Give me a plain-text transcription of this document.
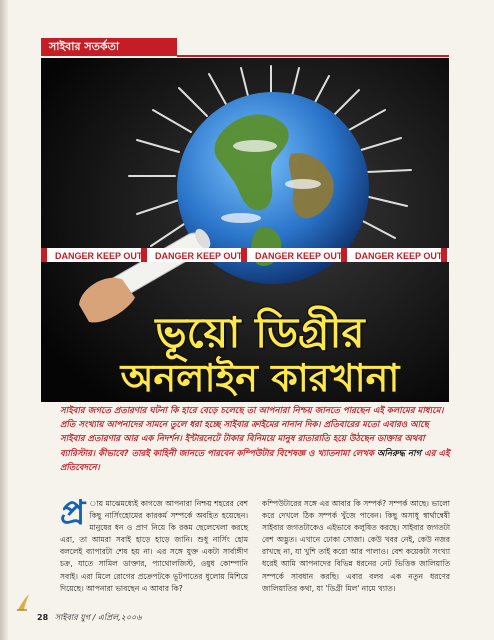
সাইবার সতর্কতা
DANGER KEEP OUT DANGER KEEP OUT DANGER KEEP OUT DANGER KEEP OUT
ভূয়ো ডিগ্রীর
অনলাইন কারখানা
সাইবার জগতে প্রতারণার ঘটনা কি হারে বেড়ে চলেছে তা আপনারা নিশ্চয় জানতে পারছেন এই কলামের মাধ্যমে। প্রতি সংখ্যায় আপনাদের সামনে তুলে ধরা হচ্ছে সাইবার ক্রাইমের নানান দিক। প্রতিবারের মতো এবারও আছে সাইবার প্রতারণার আর এক নিদর্শন। ইন্টারনেটে টাকার বিনিময়ে মানুষ রাতারাতি হয়ে উঠছেন ডাক্তার অথবা ব্যারিস্টার। কীভাবে? তারই কাহিনী জানতে পারবেন কম্পিউটার বিশেষজ্ঞ ও খ্যাতনামা লেখক অনিরুদ্ধ নাগ এর এই প্রতিবেদনে।
প্র ায় মাঝেমধ্যেই কাগজে আপনারা নিশ্চয় শহরের বেশ কিছু নার্সিংহোমের কারকর্ম সম্পর্কে অবহিত হয়েছেন। মানুষের ধন ও প্রাণ নিয়ে কি রকম ছেলেখেলা করছে এরা, তা আমরা সবাই হাড়ে হাড়ে জানি। শুধু নার্সিং হোম বললেই ব্যাপারটা শেষ হয় না। এর সঙ্গে যুক্ত একটা সার্বাঙ্গীণ চক্র, যাতে সামিল ডাক্তার, প্যাথোলজিস্ট, ওষুধ কোম্পানি সবাই। এরা মিলে রোগের প্রক্রেপটকে ভূটপাতের ধুলোয় মিশিয়ে দিয়েছে। আপনারা ভাবছেন এ আবার কি?
কম্পিউটারের সঙ্গে এর আবার কি সম্পর্ক? সম্পর্ক আছে। ভালো করে দেখলে ঠিক সম্পর্ক খুঁজে পাবেন। কিছু অসাধু স্বার্থান্বেষী সাইবার জগতটাকেও এইভাবে কলুষিত করছে। সাইবার জগতটা বেশ অদ্ভুত। এখানে ঢোকা সোজা। কেউ খবর নেই, কেউ নজর রাখছে না, যা খুশি তাই করো আর পালাও। বেশ কয়েকটা সংখ্যা ধরেই আমি আপনাদের বিভিন্ন ধরনের নেট ভিত্তিক জালিয়াতি সম্পর্কে সাবধান করছি। এবার বলব এক নতুন ধরণের জালিয়াতির কথা, যা 'ডিগ্রী মিল' নামে খ্যাত।
28 সাইবার যুগ / এপ্রিল,২০০৬
